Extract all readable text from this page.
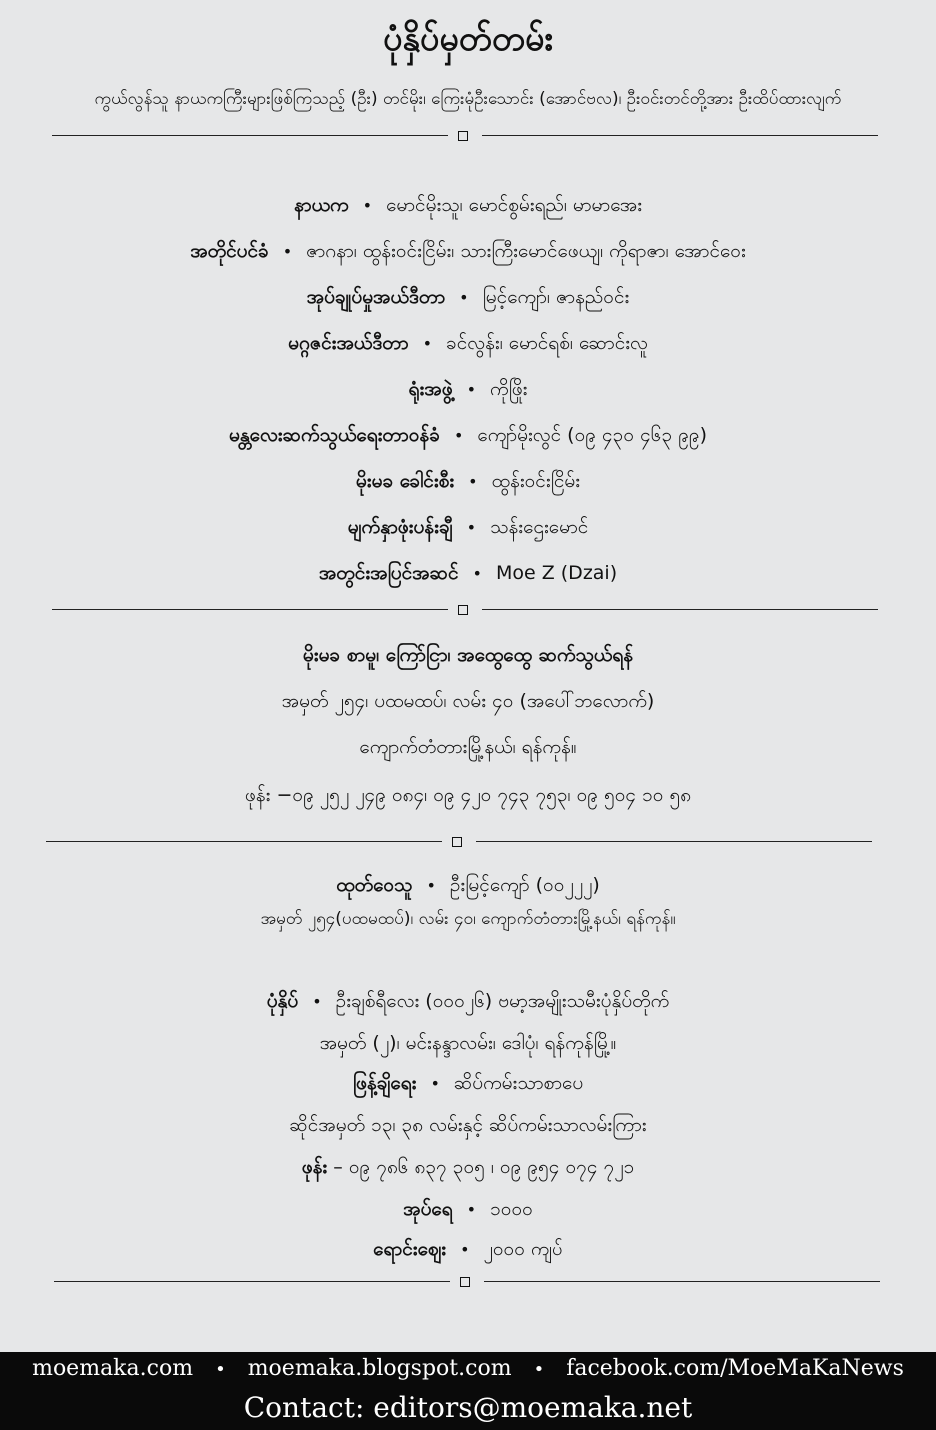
ပုံနှိပ်မှတ်တမ်း
ကွယ်လွန်သူ နာယကကြီးများဖြစ်ကြသည့် (ဦး) တင်မိုး၊ ကြေးမုံဦးသောင်း (အောင်ဗလ)၊ ဦးဝင်းတင်တို့အား ဦးထိပ်ထားလျက်
နာယက • မောင်မိုးသူ၊ မောင်စွမ်းရည်၊ မာမာအေး
အတိုင်ပင်ခံ • ဇာဂနာ၊ ထွန်းဝင်းငြိမ်း၊ သားကြီးမောင်ဖေယျ၊ ကိုရာဇာ၊ အောင်ဝေး
အုပ်ချုပ်မှုအယ်ဒီတာ • မြင့်ကျော်၊ ဇာနည်ဝင်း
မဂ္ဂဇင်းအယ်ဒီတာ • ခင်လွန်း၊ မောင်ရစ်၊ ဆောင်းလူ
ရုံးအဖွဲ့ • ကိုဖြိုး
မန္တလေးဆက်သွယ်ရေးတာဝန်ခံ • ကျော်မိုးလွင် (၀၉ ၄၃၀ ၄၆၃ ၉၉)
မိုးမခ ခေါင်းစီး • ထွန်းဝင်းငြိမ်း
မျက်နှာဖုံးပန်းချီ • သန်းဌေးမောင်
အတွင်းအပြင်အဆင် • Moe Z (Dzai)
မိုးမခ စာမူ၊ ကြော်ငြာ၊ အထွေထွေ ဆက်သွယ်ရန်
အမှတ် ၂၅၄၊ ပထမထပ်၊ လမ်း ၄၀ (အပေါ်ဘလောက်)
ကျောက်တံတားမြို့နယ်၊ ရန်ကုန်။
ဖုန်း −၀၉ ၂၅၂ ၂၄၉ ၀၈၄၊ ၀၉ ၄၂၀ ၇၄၃ ၇၅၃၊ ၀၉ ၅၀၄ ၁၀ ၅၈
ထုတ်ဝေသူ • ဦးမြင့်ကျော် (၀၀၂၂၂)
အမှတ် ၂၅၄(ပထမထပ်)၊ လမ်း ၄၀၊ ကျောက်တံတားမြို့နယ်၊ ရန်ကုန်။
ပုံနှိပ် • ဦးချစ်ရီလေး (၀၀၀၂၆) ဗမာ့အမျိုးသမီးပုံနှိပ်တိုက်
အမှတ် (၂)၊ မင်းနန္ဒာလမ်း၊ ဒေါပုံ၊ ရန်ကုန်မြို့။
ဖြန့်ချိရေး • ဆိပ်ကမ်းသာစာပေ
ဆိုင်အမှတ် ၁၃၊ ၃၈ လမ်းနှင့် ဆိပ်ကမ်းသာလမ်းကြား
ဖုန်း – ၀၉ ၇၈၆ ၈၃၇ ၃၀၅ ၊ ၀၉ ၉၅၄ ၀၇၄ ၇၂၁
အုပ်ရေ • ၁၀၀၀
ရောင်းဈေး • ၂၀၀၀ ကျပ်
moemaka.com • moemaka.blogspot.com • facebook.com/MoeMaKaNews
Contact: editors@moemaka.net
